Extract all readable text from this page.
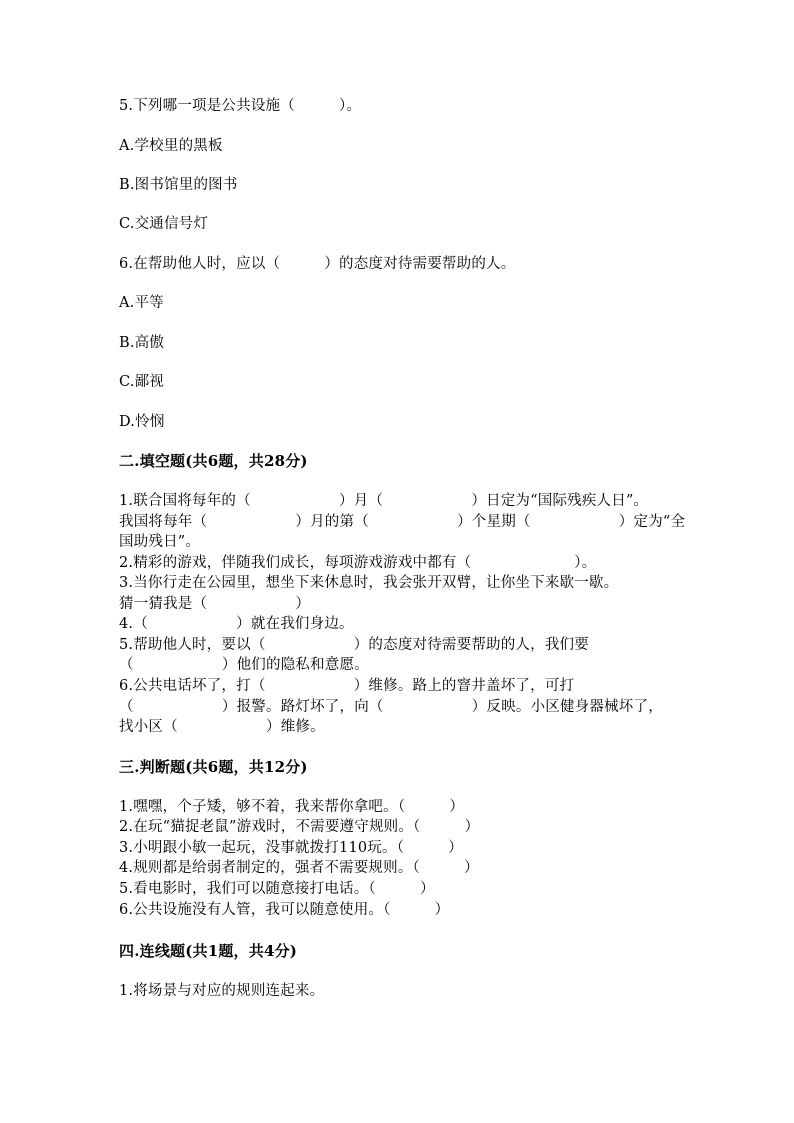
5.下列哪一项是公共设施（　　　）。
A.学校里的黑板
B.图书馆里的图书
C.交通信号灯
6.在帮助他人时，应以（　　　）的态度对待需要帮助的人。
A.平等
B.高傲
C.鄙视
D.怜悯
二.填空题(共6题，共28分)
1.联合国将每年的（　　　　　　）月（　　　　　　）日定为“国际残疾人日”。
我国将每年（　　　　　　）月的第（　　　　　　）个星期（　　　　　　）定为“全
国助残日”。
2.精彩的游戏，伴随我们成长，每项游戏游戏中都有（　　　　　　　）。
3.当你行走在公园里，想坐下来休息时，我会张开双臂，让你坐下来歇一歇。
猜一猜我是（　　　　　　）
4.（　　　　　　）就在我们身边。
5.帮助他人时，要以（　　　　　　）的态度对待需要帮助的人，我们要
（　　　　　　）他们的隐私和意愿。
6.公共电话坏了，打（　　　　　　）维修。路上的窨井盖坏了，可打
（　　　　　　）报警。路灯坏了，向（　　　　　　）反映。小区健身器械坏了，
找小区（　　　　　　）维修。
三.判断题(共6题，共12分)
1.嘿嘿，个子矮，够不着，我来帮你拿吧。（　　　）
2.在玩“猫捉老鼠”游戏时，不需要遵守规则。（　　　）
3.小明跟小敏一起玩，没事就拨打110玩。（　　　）
4.规则都是给弱者制定的，强者不需要规则。（　　　）
5.看电影时，我们可以随意接打电话。（　　　）
6.公共设施没有人管，我可以随意使用。（　　　）
四.连线题(共1题，共4分)
1.将场景与对应的规则连起来。
